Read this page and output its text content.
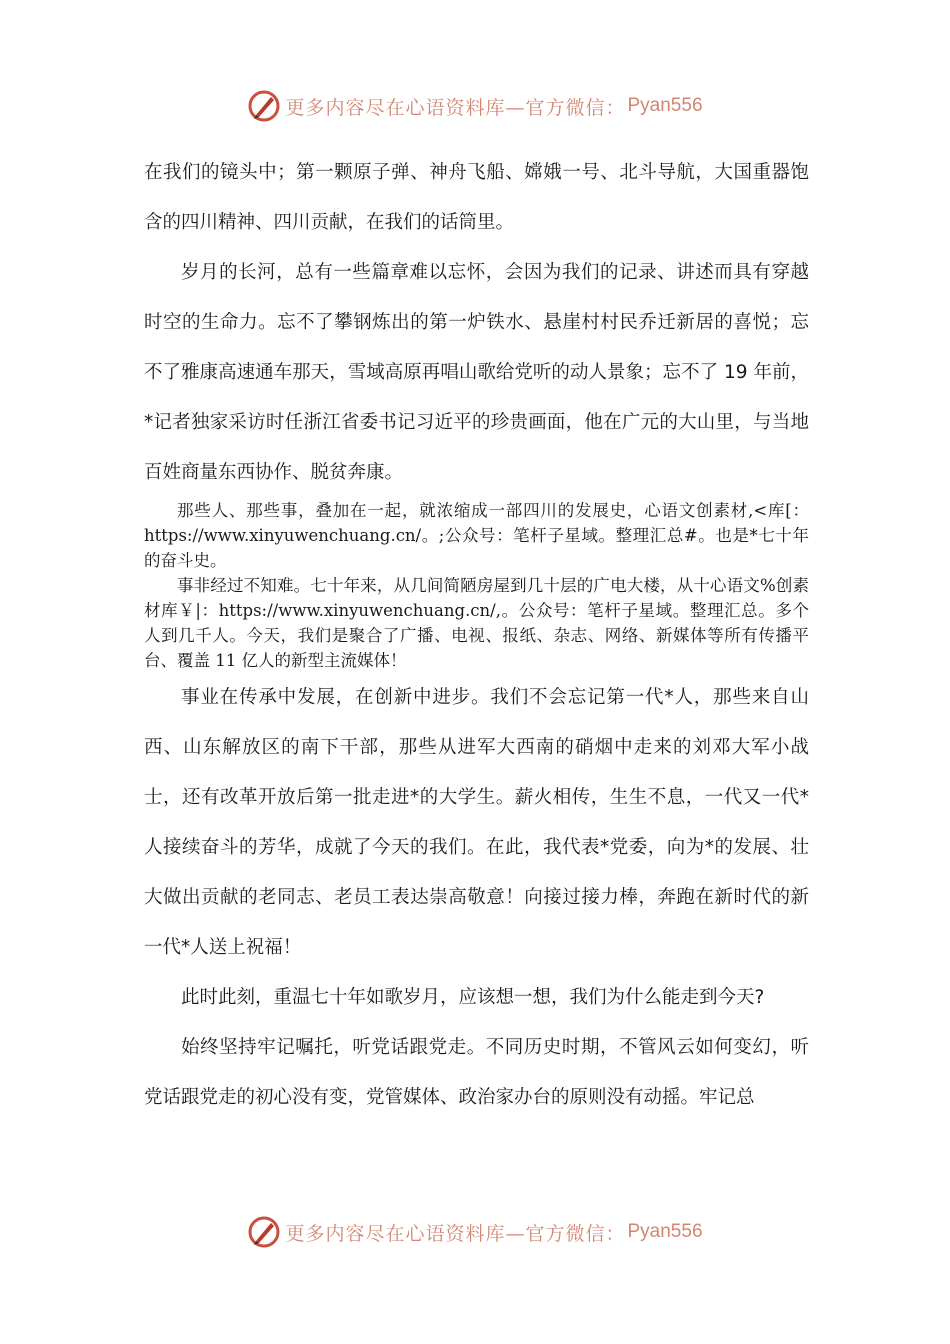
更多内容尽在心语资料库—官方微信： Pyan556

在我们的镜头中；第一颗原子弹、神舟飞船、嫦娥一号、北斗导航，大国重器饱含的四川精神、四川贡献，在我们的话筒里。

岁月的长河，总有一些篇章难以忘怀，会因为我们的记录、讲述而具有穿越时空的生命力。忘不了攀钢炼出的第一炉铁水、悬崖村村民乔迁新居的喜悦；忘不了雅康高速通车那天，雪域高原再唱山歌给党听的动人景象；忘不了 19 年前，*记者独家采访时任浙江省委书记习近平的珍贵画面，他在广元的大山里，与当地百姓商量东西协作、脱贫奔康。

那些人、那些事，叠加在一起，就浓缩成一部四川的发展史，心语文创素材,<库[：https://www.xinyuwenchuang.cn/。;公众号：笔杆子星域。整理汇总#。也是*七十年的奋斗史。

事非经过不知难。七十年来，从几间简陋房屋到几十层的广电大楼，从十心语文%创素材库￥|：https://www.xinyuwenchuang.cn/,。公众号：笔杆子星域。整理汇总。多个人到几千人。今天，我们是聚合了广播、电视、报纸、杂志、网络、新媒体等所有传播平台、覆盖 11 亿人的新型主流媒体！

事业在传承中发展，在创新中进步。我们不会忘记第一代*人，那些来自山西、山东解放区的南下干部，那些从进军大西南的硝烟中走来的刘邓大军小战士，还有改革开放后第一批走进*的大学生。薪火相传，生生不息，一代又一代*人接续奋斗的芳华，成就了今天的我们。在此，我代表*党委，向为*的发展、壮大做出贡献的老同志、老员工表达崇高敬意！向接过接力棒，奔跑在新时代的新一代*人送上祝福！

此时此刻，重温七十年如歌岁月，应该想一想，我们为什么能走到今天?

始终坚持牢记嘱托，听党话跟党走。不同历史时期，不管风云如何变幻，听党话跟党走的初心没有变，党管媒体、政治家办台的原则没有动摇。牢记总

更多内容尽在心语资料库—官方微信： Pyan556
